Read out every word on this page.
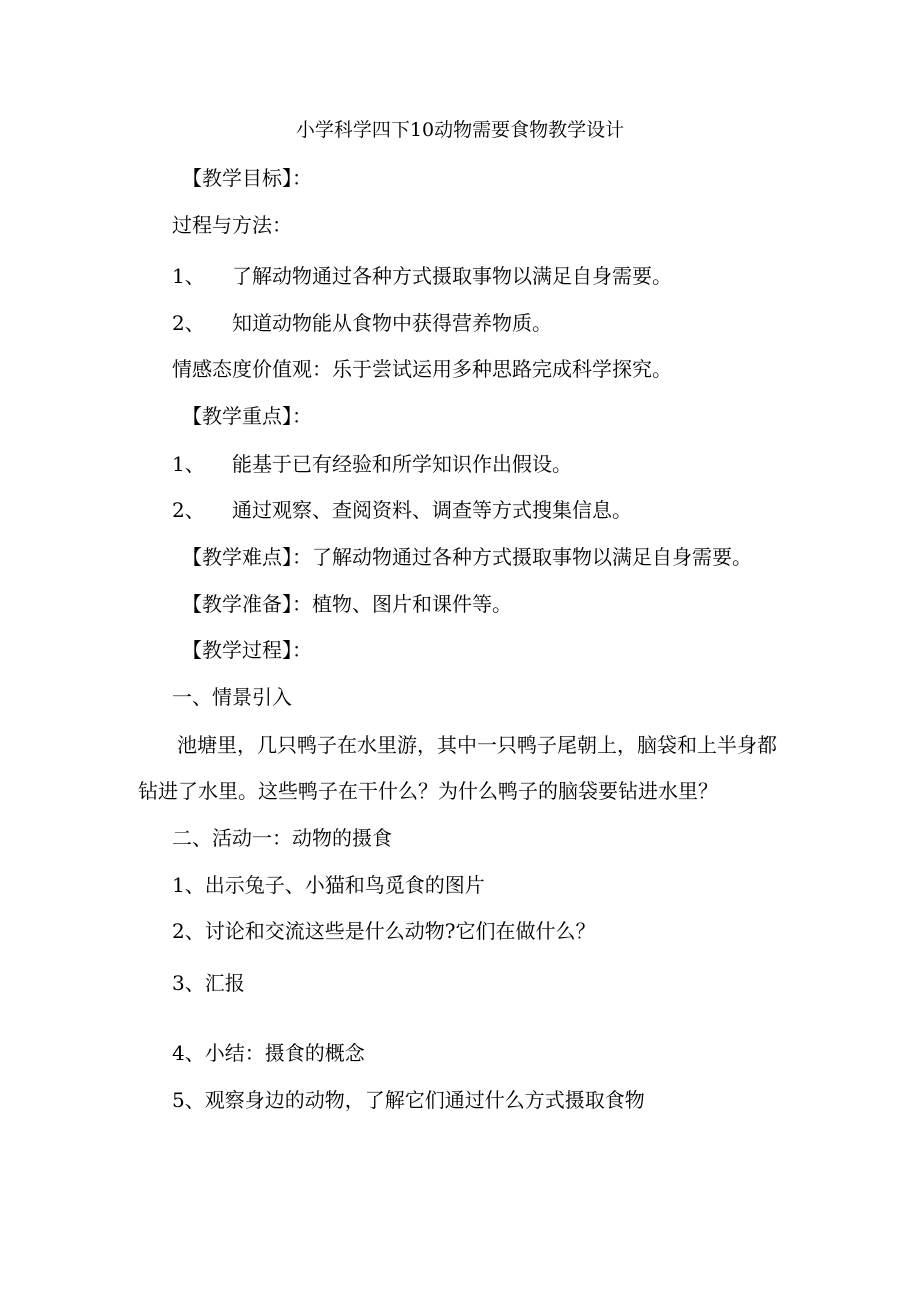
小学科学四下10动物需要食物教学设计
【教学目标】：
过程与方法：
1、 了解动物通过各种方式摄取事物以满足自身需要。
2、 知道动物能从食物中获得营养物质。
情感态度价值观：乐于尝试运用多种思路完成科学探究。
【教学重点】：
1、 能基于已有经验和所学知识作出假设。
2、 通过观察、查阅资料、调查等方式搜集信息。
【教学难点】：了解动物通过各种方式摄取事物以满足自身需要。
【教学准备】：植物、图片和课件等。
【教学过程】：
一、情景引入
池塘里，几只鸭子在水里游，其中一只鸭子尾朝上，脑袋和上半身都
钻进了水里。这些鸭子在干什么？为什么鸭子的脑袋要钻进水里？
二、活动一：动物的摄食
1、出示兔子、小猫和鸟觅食的图片
2、讨论和交流这些是什么动物?它们在做什么？
3、汇报
4、小结：摄食的概念
5、观察身边的动物，了解它们通过什么方式摄取食物
